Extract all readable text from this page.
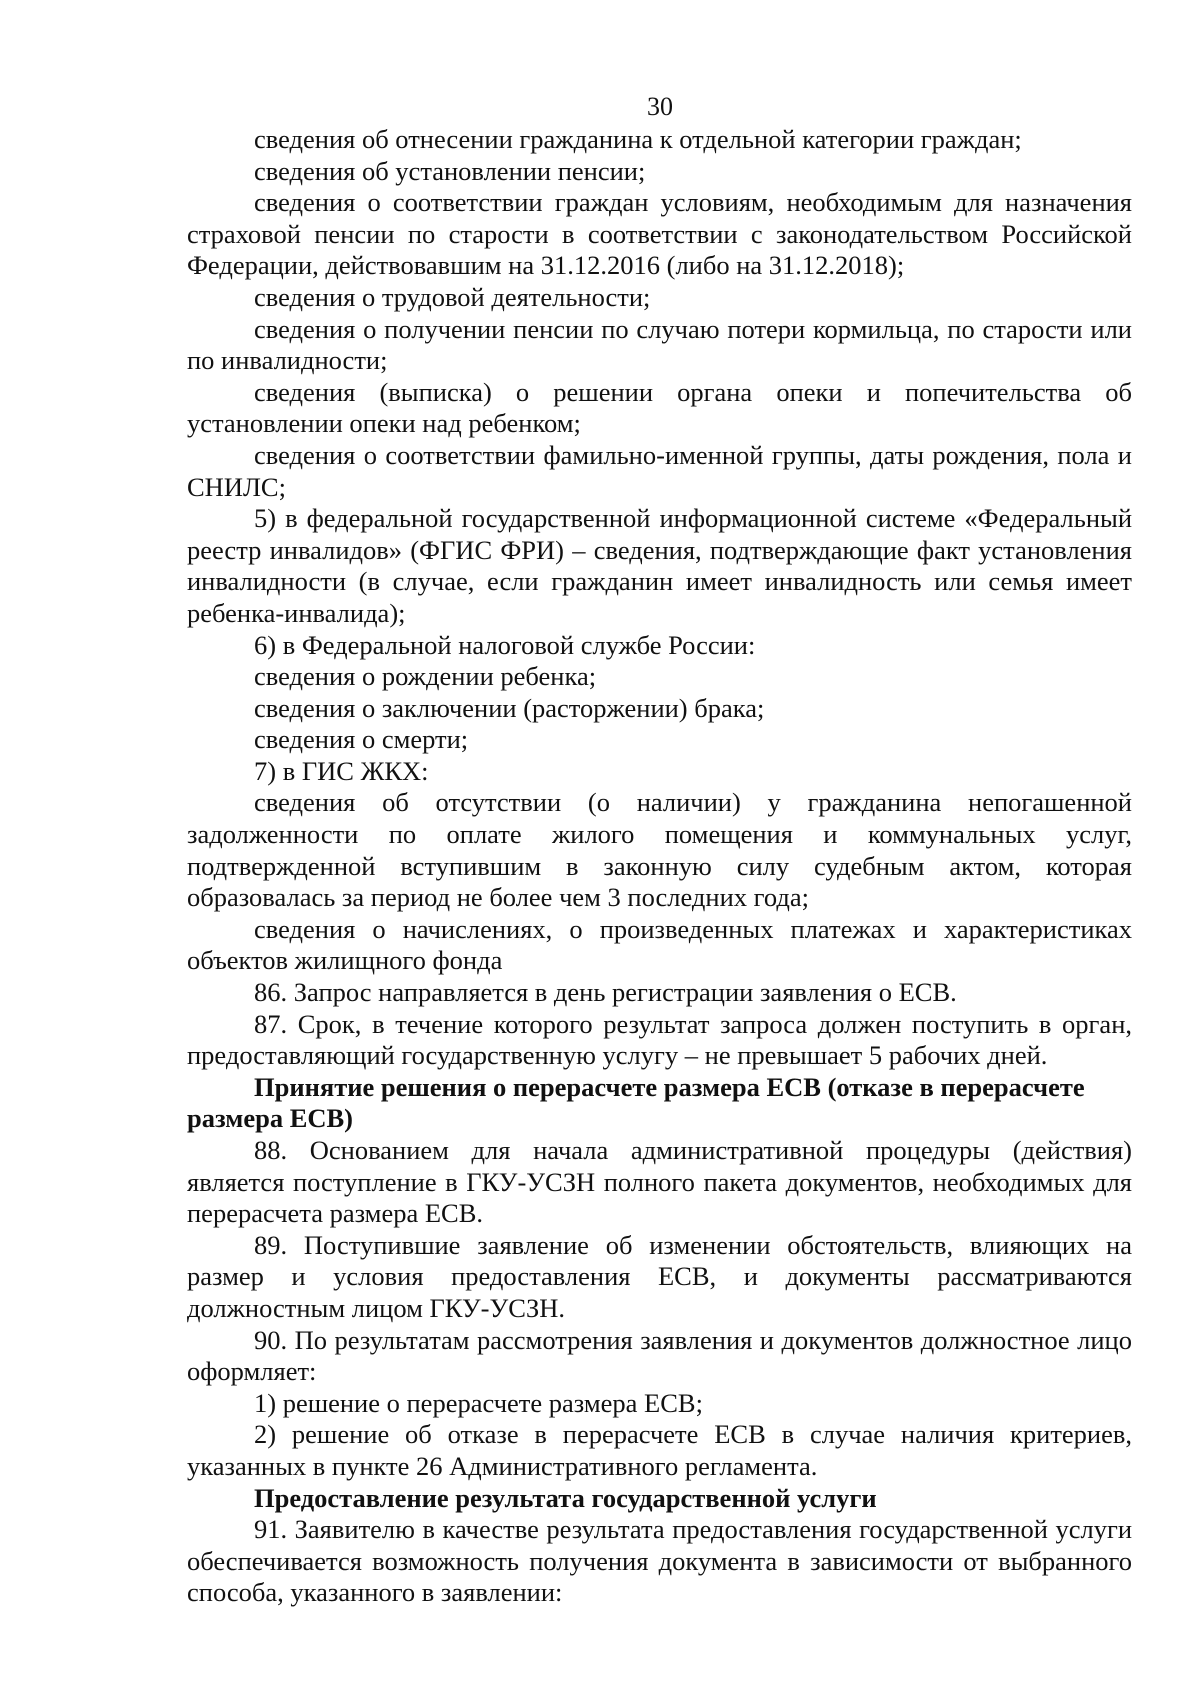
30

сведения об отнесении гражданина к отдельной категории граждан;

сведения об установлении пенсии;

сведения о соответствии граждан условиям, необходимым для назначения страховой пенсии по старости в соответствии с законодательством Российской Федерации, действовавшим на 31.12.2016 (либо на 31.12.2018);

сведения о трудовой деятельности;

сведения о получении пенсии по случаю потери кормильца, по старости или по инвалидности;

сведения (выписка) о решении органа опеки и попечительства об установлении опеки над ребенком;

сведения о соответствии фамильно-именной группы, даты рождения, пола и СНИЛС;

5) в федеральной государственной информационной системе «Федеральный реестр инвалидов» (ФГИС ФРИ) – сведения, подтверждающие факт установления инвалидности (в случае, если гражданин имеет инвалидность или семья имеет ребенка-инвалида);

6) в Федеральной налоговой службе России:

сведения о рождении ребенка;

сведения о заключении (расторжении) брака;

сведения о смерти;

7) в ГИС ЖКХ:

сведения об отсутствии (о наличии) у гражданина непогашенной задолженности по оплате жилого помещения и коммунальных услуг, подтвержденной вступившим в законную силу судебным актом, которая образовалась за период не более чем 3 последних года;

сведения о начислениях, о произведенных платежах и характеристиках объектов жилищного фонда

86. Запрос направляется в день регистрации заявления о ЕСВ.

87. Срок, в течение которого результат запроса должен поступить в орган, предоставляющий государственную услугу – не превышает 5 рабочих дней.

Принятие решения о перерасчете размера ЕСВ (отказе в перерасчете размера ЕСВ)

88. Основанием для начала административной процедуры (действия) является поступление в ГКУ-УСЗН полного пакета документов, необходимых для перерасчета размера ЕСВ.

89. Поступившие заявление об изменении обстоятельств, влияющих на размер и условия предоставления ЕСВ, и документы рассматриваются должностным лицом ГКУ-УСЗН.

90. По результатам рассмотрения заявления и документов должностное лицо оформляет:

1) решение о перерасчете размера ЕСВ;

2) решение об отказе в перерасчете ЕСВ в случае наличия критериев, указанных в пункте 26 Административного регламента.

Предоставление результата государственной услуги

91. Заявителю в качестве результата предоставления государственной услуги обеспечивается возможность получения документа в зависимости от выбранного способа, указанного в заявлении:
